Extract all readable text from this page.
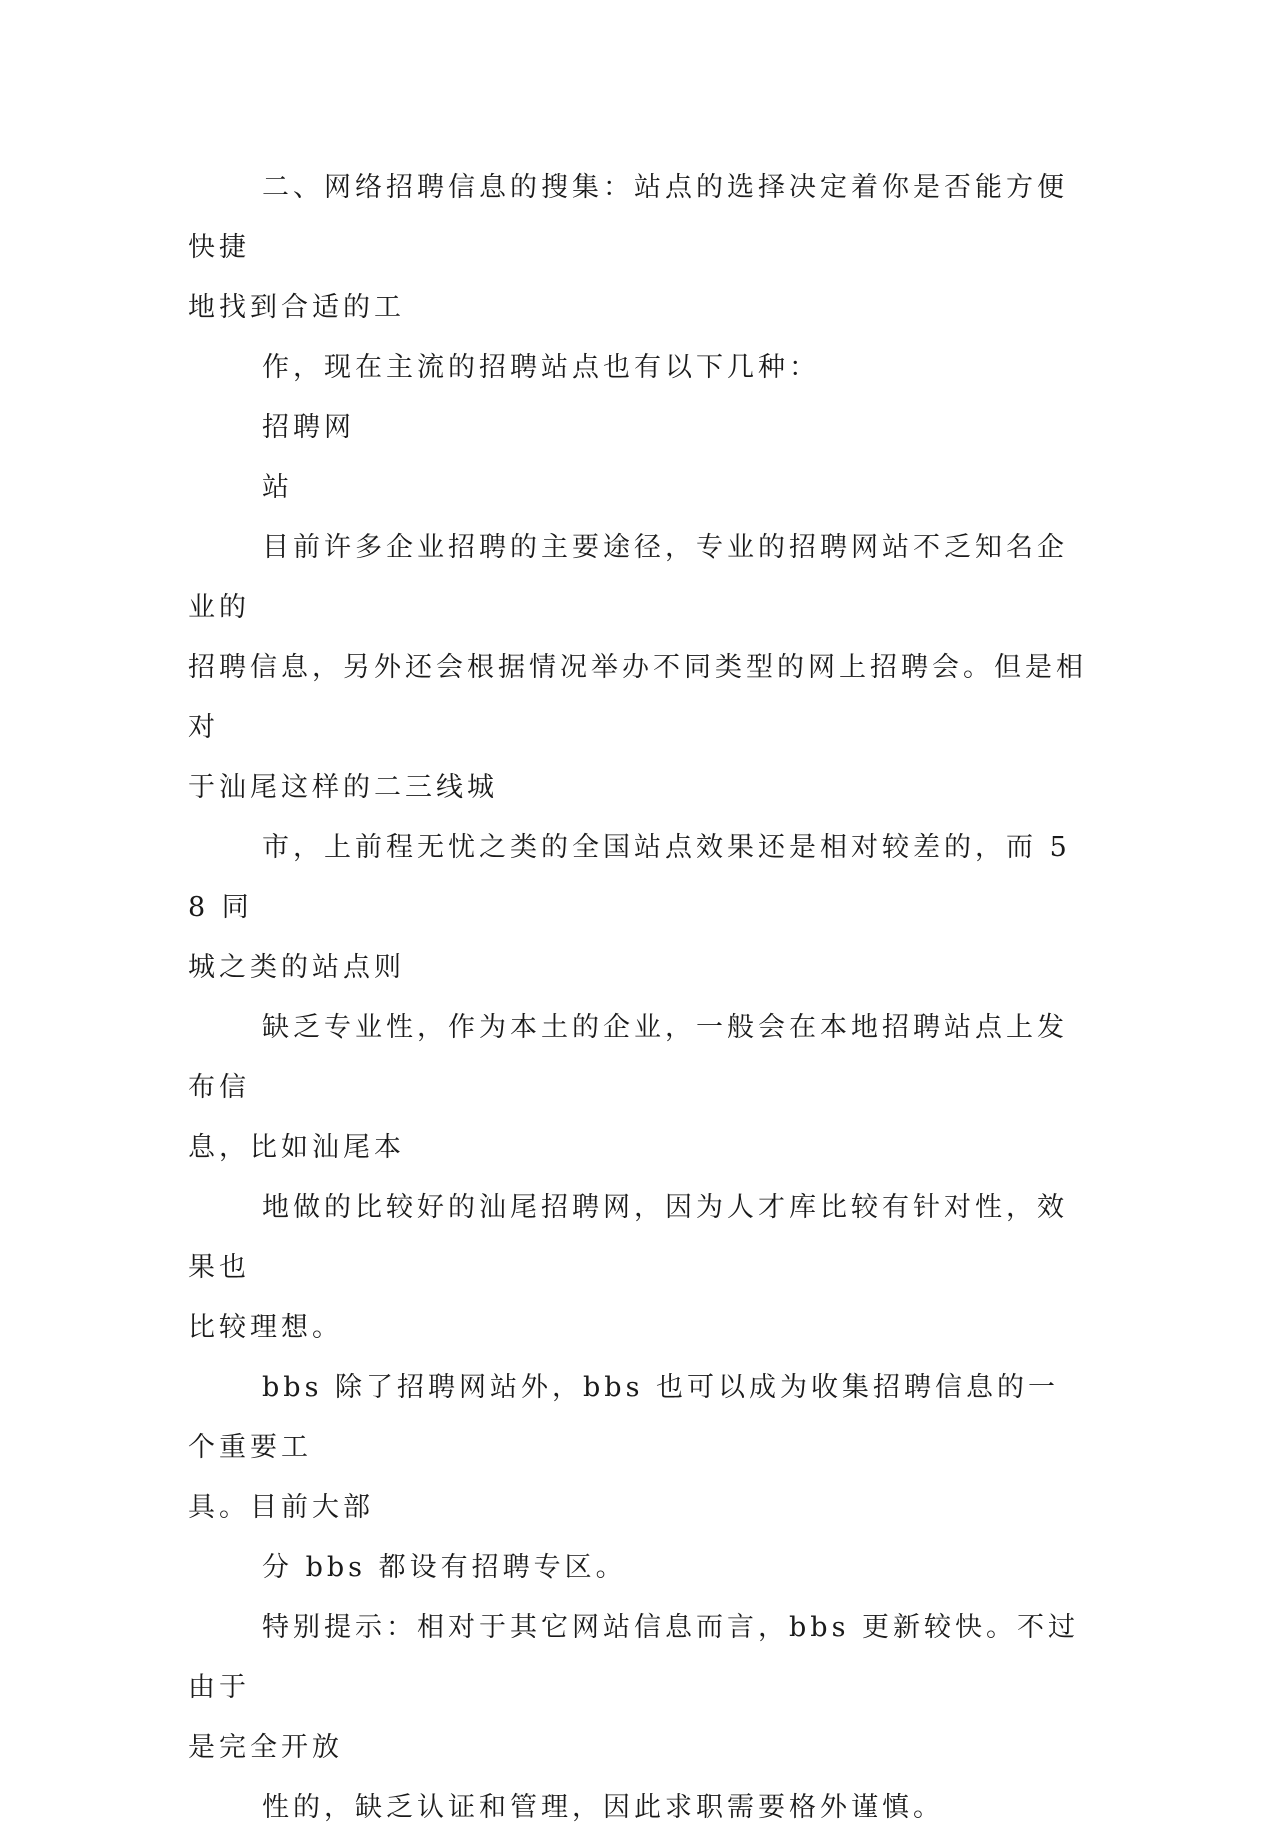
二、网络招聘信息的搜集：站点的选择决定着你是否能方便快捷

地找到合适的工

作，现在主流的招聘站点也有以下几种：

招聘网

站

目前许多企业招聘的主要途径，专业的招聘网站不乏知名企业的

招聘信息，另外还会根据情况举办不同类型的网上招聘会。但是相对

于汕尾这样的二三线城

市，上前程无忧之类的全国站点效果还是相对较差的，而 58 同

城之类的站点则

缺乏专业性，作为本土的企业，一般会在本地招聘站点上发布信

息，比如汕尾本

地做的比较好的汕尾招聘网，因为人才库比较有针对性，效果也

比较理想。

bbs 除了招聘网站外，bbs 也可以成为收集招聘信息的一个重要工

具。目前大部

分 bbs 都设有招聘专区。

特别提示：相对于其它网站信息而言，bbs 更新较快。不过由于

是完全开放

性的，缺乏认证和管理，因此求职需要格外谨慎。
